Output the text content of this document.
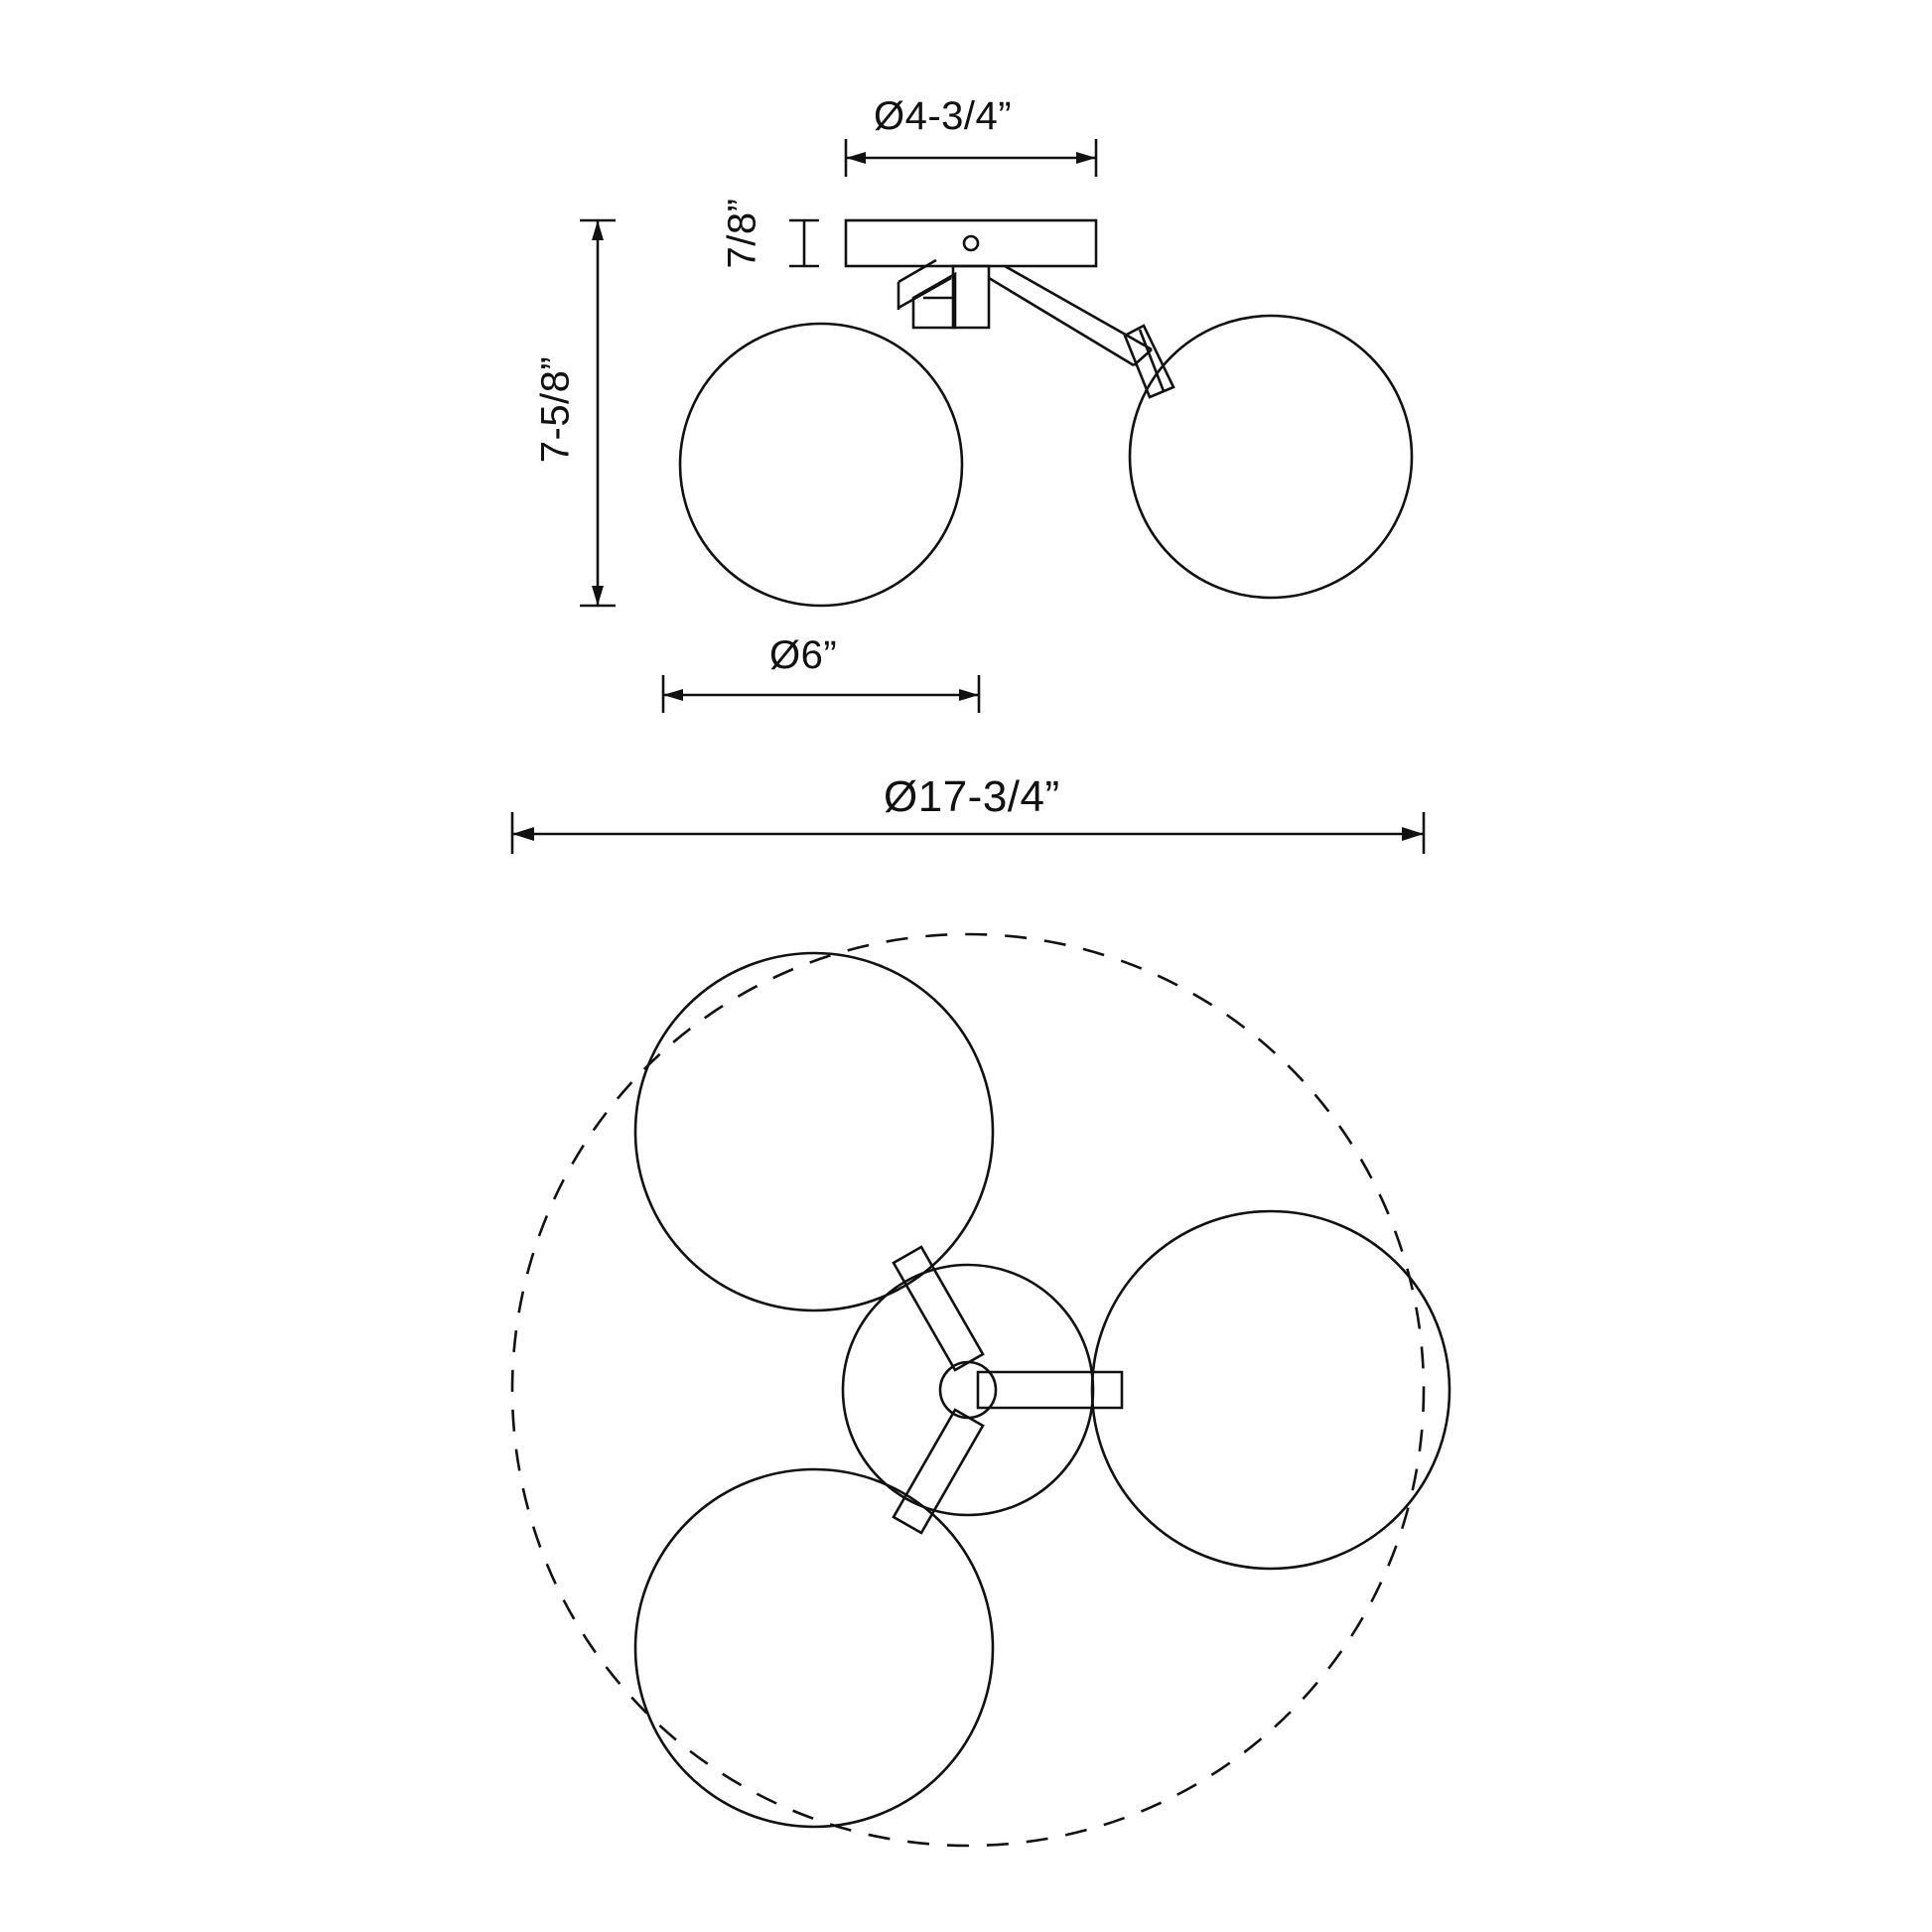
Ø4-3/4”
7/8”
7-5/8”
Ø6”
Ø17-3/4”
